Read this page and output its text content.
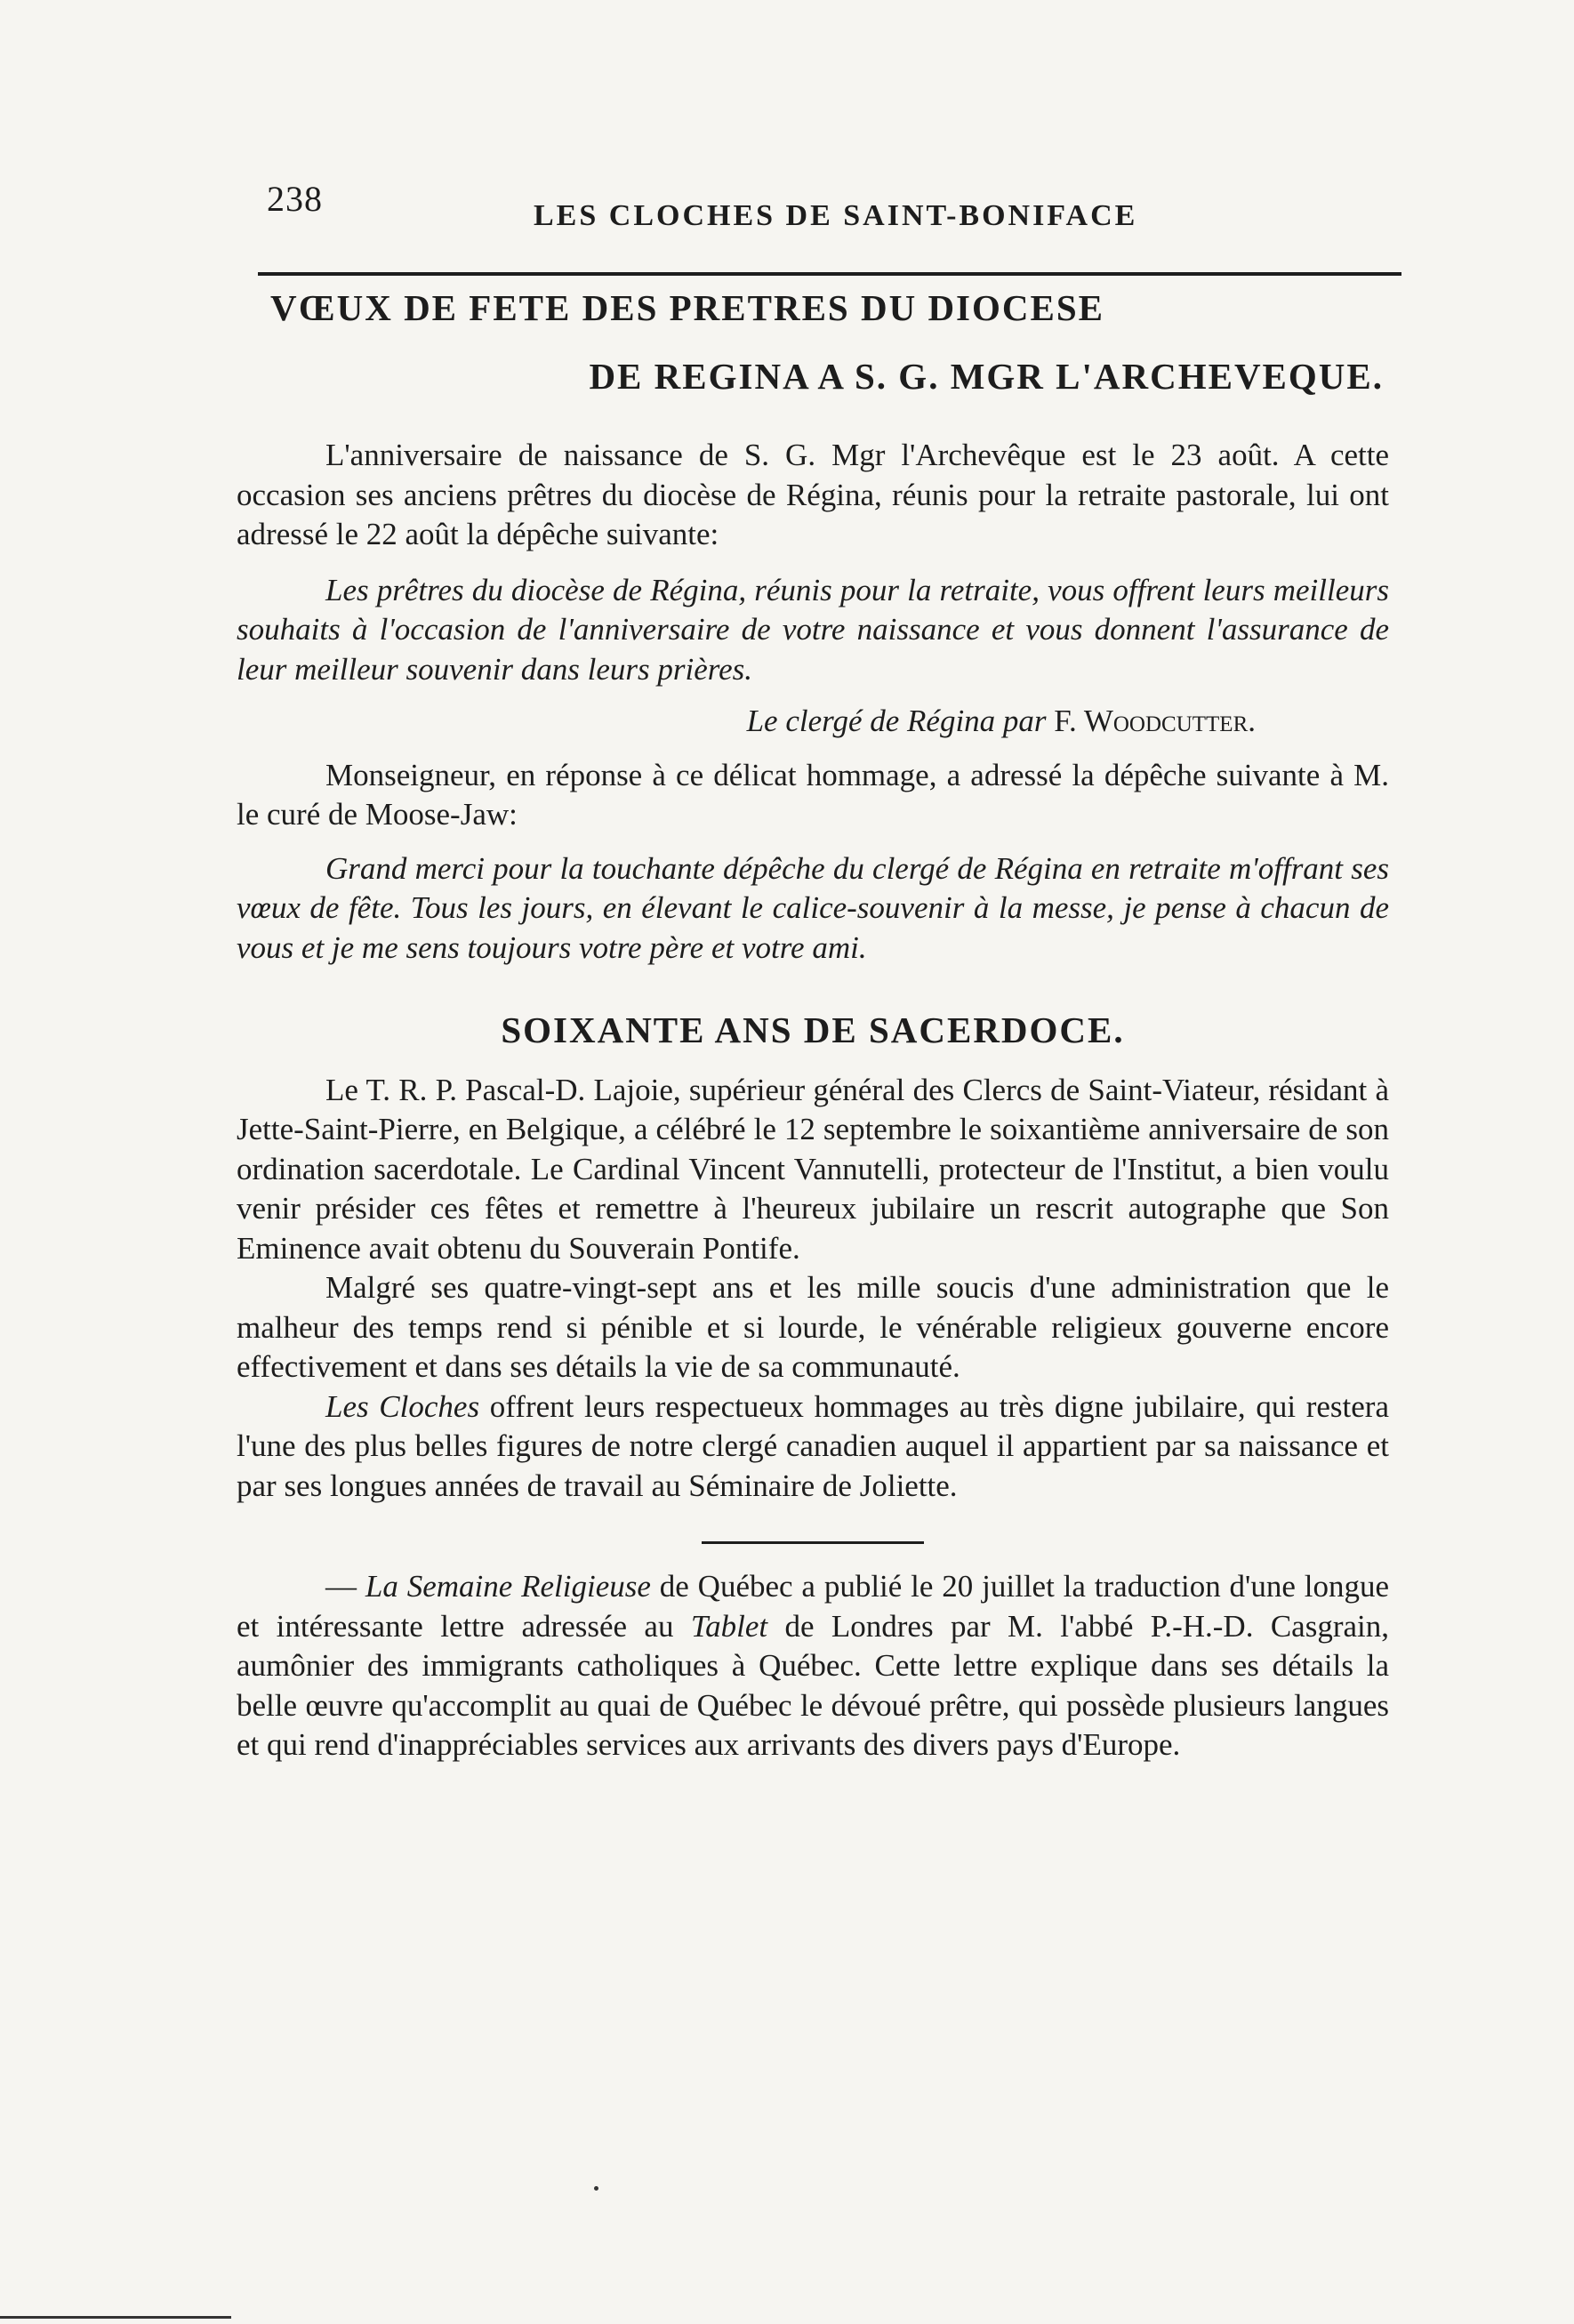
238	LES CLOCHES DE SAINT-BONIFACE
VŒUX DE FETE DES PRETRES DU DIOCESE
DE REGINA A S. G. MGR L'ARCHEVEQUE.

L'anniversaire de naissance de S. G. Mgr l'Archevêque est le 23 août. A cette occasion ses anciens prêtres du diocèse de Régina, réunis pour la retraite pastorale, lui ont adressé le 22 août la dépêche suivante:

Les prêtres du diocèse de Régina, réunis pour la retraite, vous offrent leurs meilleurs souhaits à l'occasion de l'anniversaire de votre naissance et vous donnent l'assurance de leur meilleur souvenir dans leurs prières.

Le clergé de Régina par F. Woodcutter.

Monseigneur, en réponse à ce délicat hommage, a adressé la dépêche suivante à M. le curé de Moose-Jaw:

Grand merci pour la touchante dépêche du clergé de Régina en retraite m'offrant ses vœux de fête. Tous les jours, en élevant le calice-souvenir à la messe, je pense à chacun de vous et je me sens toujours votre père et votre ami.

SOIXANTE ANS DE SACERDOCE.

Le T. R. P. Pascal-D. Lajoie, supérieur général des Clercs de Saint-Viateur, résidant à Jette-Saint-Pierre, en Belgique, a célébré le 12 septembre le soixantième anniversaire de son ordination sacerdotale. Le Cardinal Vincent Vannutelli, protecteur de l'Institut, a bien voulu venir présider ces fêtes et remettre à l'heureux jubilaire un rescrit autographe que Son Eminence avait obtenu du Souverain Pontife.

Malgré ses quatre-vingt-sept ans et les mille soucis d'une administration que le malheur des temps rend si pénible et si lourde, le vénérable religieux gouverne encore effectivement et dans ses détails la vie de sa communauté.

Les Cloches offrent leurs respectueux hommages au très digne jubilaire, qui restera l'une des plus belles figures de notre clergé canadien auquel il appartient par sa naissance et par ses longues années de travail au Séminaire de Joliette.

— La Semaine Religieuse de Québec a publié le 20 juillet la traduction d'une longue et intéressante lettre adressée au Tablet de Londres par M. l'abbé P.-H.-D. Casgrain, aumônier des immigrants catholiques à Québec. Cette lettre explique dans ses détails la belle œuvre qu'accomplit au quai de Québec le dévoué prêtre, qui possède plusieurs langues et qui rend d'inappréciables services aux arrivants des divers pays d'Europe.
